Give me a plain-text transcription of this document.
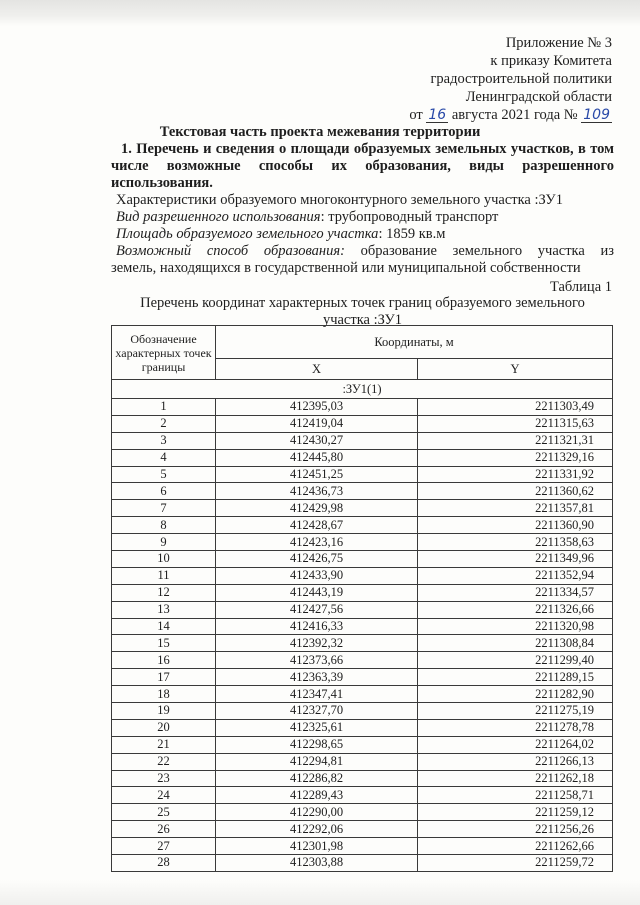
Приложение № 3
к приказу Комитета
градостроительной политики
Ленинградской области
от 16 августа 2021 года № 109
Текстовая часть проекта межевания территории
1. Перечень и сведения о площади образуемых земельных участков, в том числе возможные способы их образования, виды разрешенного использования.
Характеристики образуемого многоконтурного земельного участка :ЗУ1
Вид разрешенного использования: трубопроводный транспорт
Площадь образуемого земельного участка: 1859 кв.м
Возможный способ образования: образование земельного участка из
земель, находящихся в государственной или муниципальной собственности
Таблица 1
Перечень координат характерных точек границ образуемого земельного
участка :ЗУ1
Обозначение характерных точек границы	Координаты, м	
	X	Y
:ЗУ1(1)		
1	412395,03	2211303,49
2	412419,04	2211315,63
3	412430,27	2211321,31
4	412445,80	2211329,16
5	412451,25	2211331,92
6	412436,73	2211360,62
7	412429,98	2211357,81
8	412428,67	2211360,90
9	412423,16	2211358,63
10	412426,75	2211349,96
11	412433,90	2211352,94
12	412443,19	2211334,57
13	412427,56	2211326,66
14	412416,33	2211320,98
15	412392,32	2211308,84
16	412373,66	2211299,40
17	412363,39	2211289,15
18	412347,41	2211282,90
19	412327,70	2211275,19
20	412325,61	2211278,78
21	412298,65	2211264,02
22	412294,81	2211266,13
23	412286,82	2211262,18
24	412289,43	2211258,71
25	412290,00	2211259,12
26	412292,06	2211256,26
27	412301,98	2211262,66
28	412303,88	2211259,72
